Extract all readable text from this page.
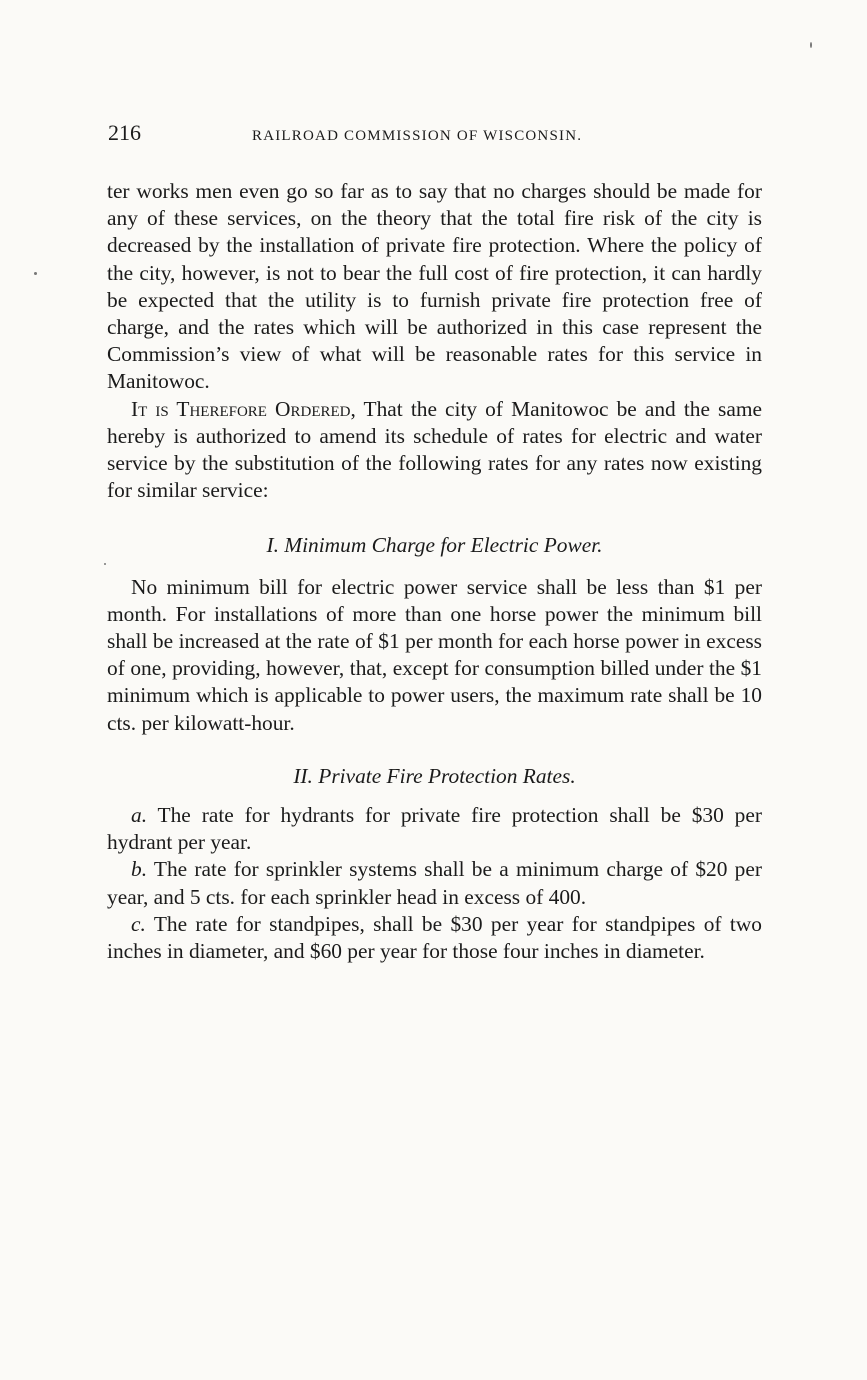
216	RAILROAD COMMISSION OF WISCONSIN.

ter works men even go so far as to say that no charges should be made for any of these services, on the theory that the total fire risk of the city is decreased by the installation of private fire protection. Where the policy of the city, however, is not to bear the full cost of fire protection, it can hardly be expected that the utility is to furnish private fire protection free of charge, and the rates which will be authorized in this case represent the Commission’s view of what will be reasonable rates for this service in Manitowoc.

It is Therefore Ordered, That the city of Manitowoc be and the same hereby is authorized to amend its schedule of rates for electric and water service by the substitution of the following rates for any rates now existing for similar service:

I. Minimum Charge for Electric Power.

No minimum bill for electric power service shall be less than $1 per month. For installations of more than one horse power the minimum bill shall be increased at the rate of $1 per month for each horse power in excess of one, providing, however, that, except for consumption billed under the $1 minimum which is applicable to power users, the maximum rate shall be 10 cts. per kilowatt-hour.

II. Private Fire Protection Rates.

a. The rate for hydrants for private fire protection shall be $30 per hydrant per year.

b. The rate for sprinkler systems shall be a minimum charge of $20 per year, and 5 cts. for each sprinkler head in excess of 400.

c. The rate for standpipes, shall be $30 per year for standpipes of two inches in diameter, and $60 per year for those four inches in diameter.
